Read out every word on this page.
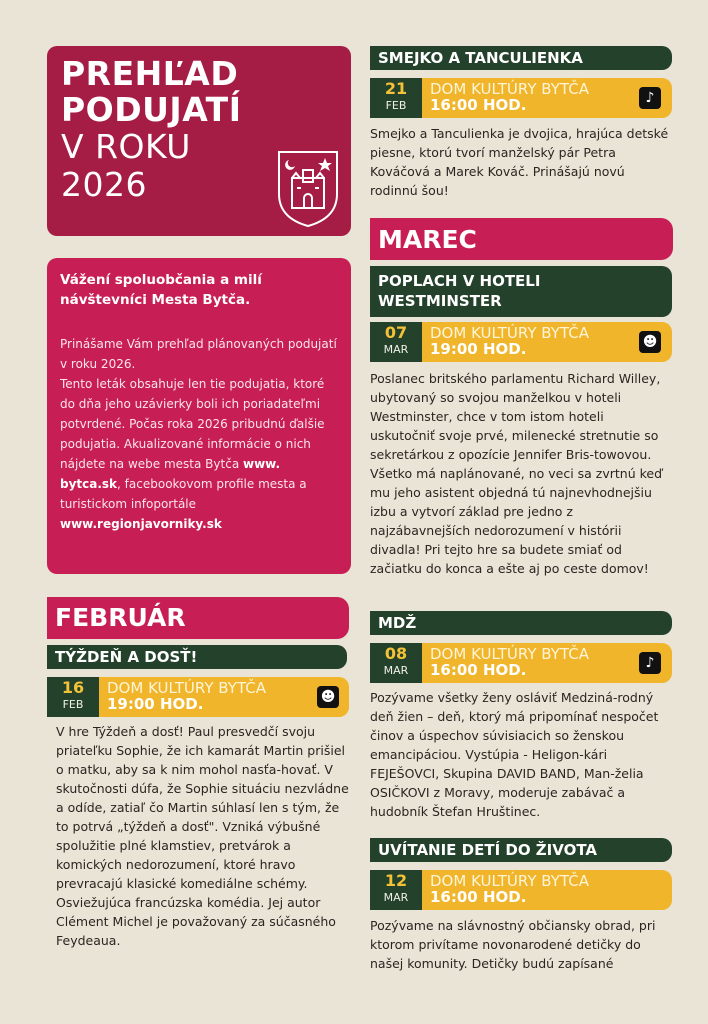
PREHĽAD
PODUJATÍ
V ROKU
2026
Vážení spoluobčania a milí návštevníci Mesta Bytča.
Prinášame Vám prehľad plánovaných podujatí v roku 2026.
Tento leták obsahuje len tie podujatia, ktoré do dňa jeho uzávierky boli ich poriadateľmi potvrdené. Počas roka 2026 pribudnú ďalšie podujatia. Akualizované informácie o nich nájdete na webe mesta Bytča www. bytca.sk, facebookovom profile mesta a turistickom infoportále www.regionjavorniky.sk
FEBRUÁR
TÝŽDEŇ A DOSŤ!
16
FEB
DOM KULTÚRY BYTČA
19:00 HOD.	☻
V hre Týždeň a dosť! Paul presvedčí svoju priateľku Sophie, že ich kamarát Martin prišiel o matku, aby sa k nim mohol nasťa-hovať. V skutočnosti dúfa, že Sophie situáciu nezvládne a odíde, zatiaľ čo Martin súhlasí len s tým, že to potrvá „týždeň a dosť". Vzniká výbušné spolužitie plné klamstiev, pretvárok a komických nedorozumení, ktoré hravo prevracajú klasické komediálne schémy. Osviežujúca francúzska komédia. Jej autor Clément Michel je považovaný za súčasného Feydeaua.
SMEJKO A TANCULIENKA
21
FEB
DOM KULTÚRY BYTČA
16:00 HOD.	♪
Smejko a Tanculienka je dvojica, hrajúca detské piesne, ktorú tvorí manželský pár Petra Kováčová a Marek Kováč. Prinášajú novú rodinnú šou!
MAREC
POPLACH V HOTELI WESTMINSTER
07
MAR
DOM KULTÚRY BYTČA
19:00 HOD.	☻
Poslanec britského parlamentu Richard Willey, ubytovaný so svojou manželkou v hoteli Westminster, chce v tom istom hoteli uskutočniť svoje prvé, milenecké stretnutie so sekretárkou z opozície Jennifer Bris-towovou. Všetko má naplánované, no veci sa zvrtnú keď mu jeho asistent objedná tú najnevhodnejšiu izbu a vytvorí základ pre jedno z najzábavnejších nedorozumení v histórii divadla! Pri tejto hre sa budete smiať od začiatku do konca a ešte aj po ceste domov!
MDŽ
08
MAR
DOM KULTÚRY BYTČA
16:00 HOD.	♪
Pozývame všetky ženy osláviť Medziná-rodný deň žien – deň, ktorý má pripomínať nespočet činov a úspechov súvisiacich so ženskou emancipáciou. Vystúpia - Heligon-kári FEJEŠOVCI, Skupina DAVID BAND, Man-želia OSIČKOVI z Moravy, moderuje zabávač a hudobník Štefan Hruštinec.
UVÍTANIE DETÍ DO ŽIVOTA
12
MAR
DOM KULTÚRY BYTČA
16:00 HOD.
Pozývame na slávnostný občiansky obrad, pri ktorom privítame novonarodené detičky do našej komunity. Detičky budú zapísané
